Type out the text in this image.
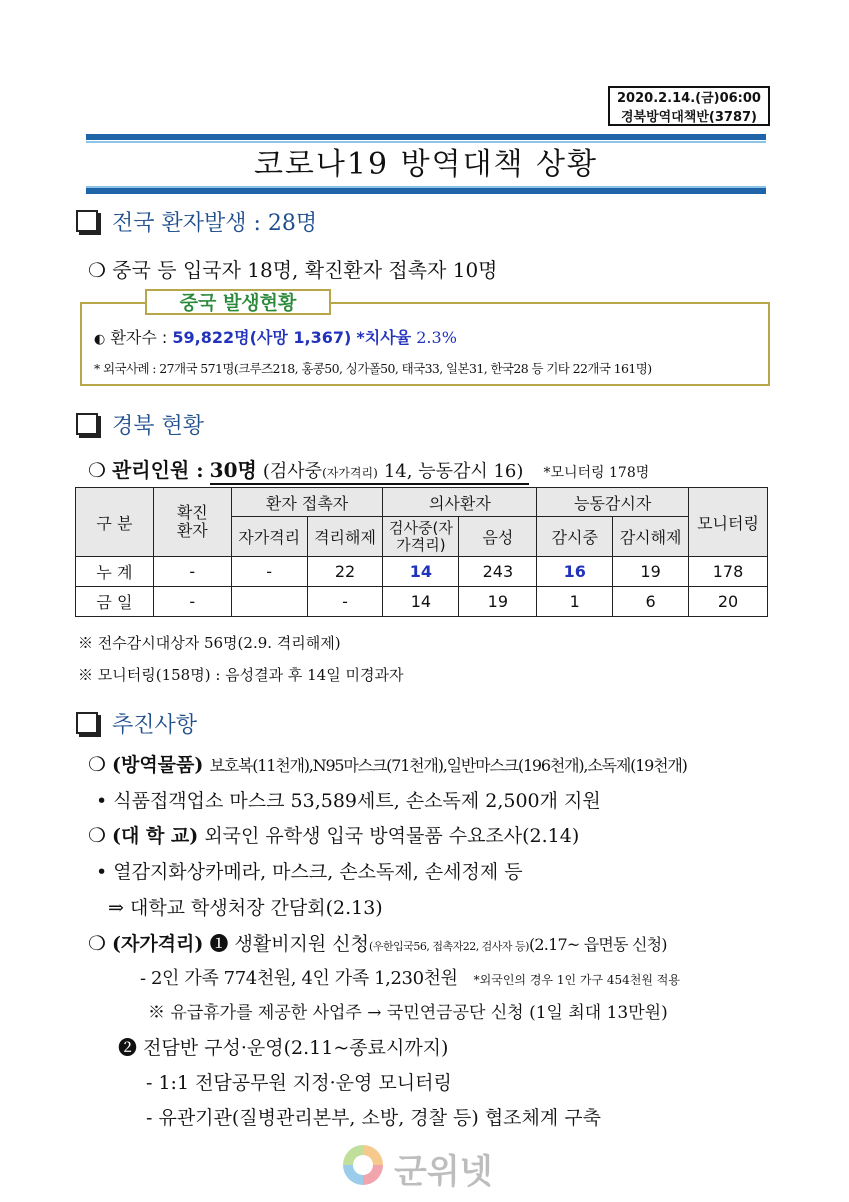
2020.2.14.(금)06:00
경북방역대책반(3787)
코로나19 방역대책 상황
전국 환자발생 : 28명
❍ 중국 등 입국자 18명, 확진환자 접촉자 10명
중국 발생현황
◐ 환자수 : 59,822명(사망 1,367) *치사율 2.3%
* 외국사례 : 27개국 571명(크루즈218, 홍콩50, 싱가폴50, 태국33, 일본31, 한국28 등 기타 22개국 161명)
경북 현황
❍ 관리인원 : 30명 (검사중(자가격리) 14, 능동감시 16) *모니터링 178명
구 분	확진환자	환자 접촉자		의사환자		능동감시자		모니터링
		자가격리	격리해제	검사중(자가격리)	음성	감시중	감시해제	
누 계	-	-	22	14	243	16	19	178
금 일	-		-	14	19	1	6	20
※ 전수감시대상자 56명(2.9. 격리해제)
※ 모니터링(158명) : 음성결과 후 14일 미경과자
추진사항
❍ (방역물품) 보호복(11천개),N95마스크(71천개),일반마스크(196천개),소독제(19천개)
• 식품접객업소 마스크 53,589세트, 손소독제 2,500개 지원
❍ (대 학 교) 외국인 유학생 입국 방역물품 수요조사(2.14)
• 열감지화상카메라, 마스크, 손소독제, 손세정제 등
⇒ 대학교 학생처장 간담회(2.13)
❍ (자가격리) ❶ 생활비지원 신청(우한입국56, 접촉자22, 검사자 등)(2.17~ 읍면동 신청)
- 2인 가족 774천원, 4인 가족 1,230천원 *외국인의 경우 1인 가구 454천원 적용
※ 유급휴가를 제공한 사업주 → 국민연금공단 신청 (1일 최대 13만원)
❷ 전담반 구성·운영(2.11~종료시까지)
- 1:1 전담공무원 지정·운영 모니터링
- 유관기관(질병관리본부, 소방, 경찰 등) 협조체계 구축
군위넷
